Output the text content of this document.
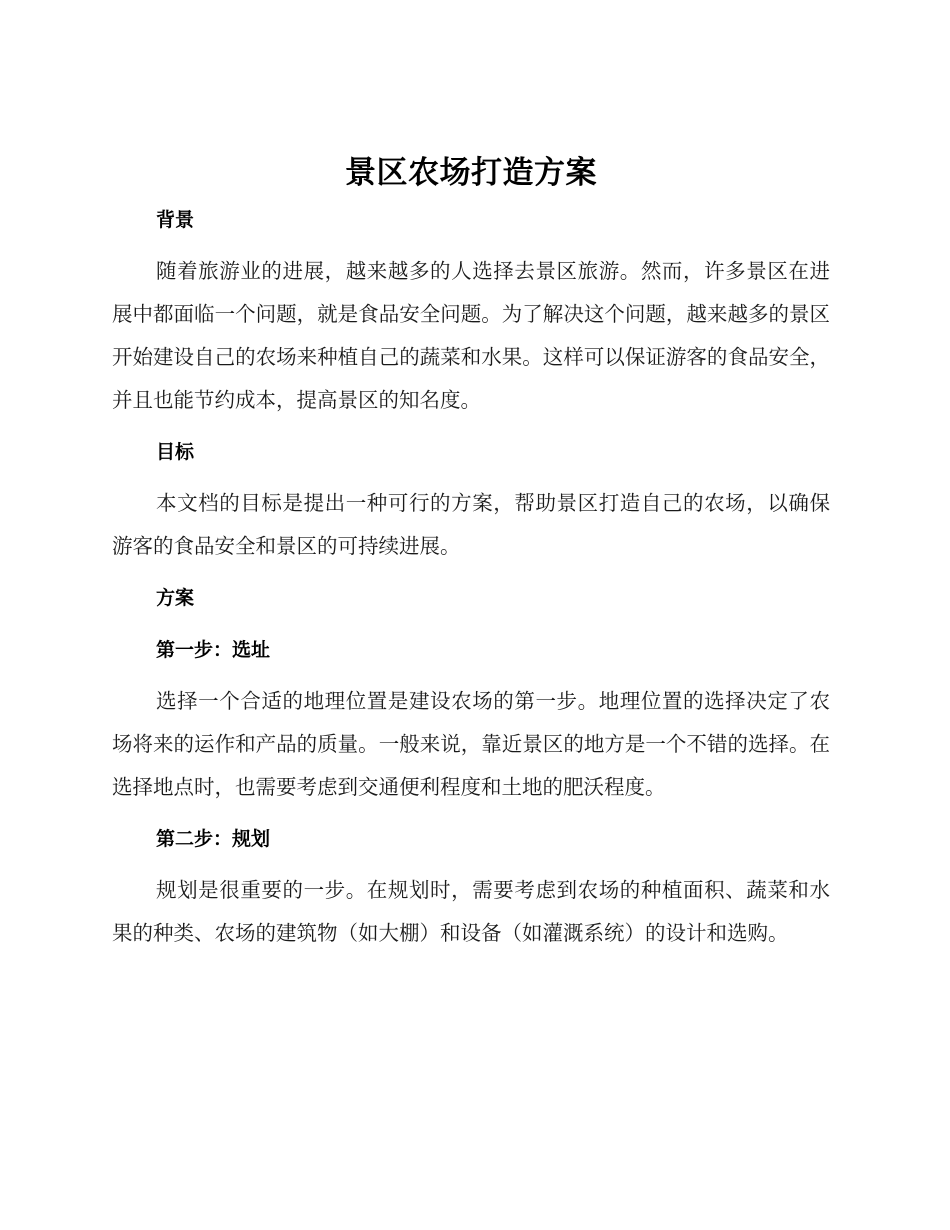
景区农场打造方案
背景

随着旅游业的进展，越来越多的人选择去景区旅游。然而，许多景区在进展中都面临一个问题，就是食品安全问题。为了解决这个问题，越来越多的景区开始建设自己的农场来种植自己的蔬菜和水果。这样可以保证游客的食品安全，并且也能节约成本，提高景区的知名度。

目标

本文档的目标是提出一种可行的方案，帮助景区打造自己的农场，以确保游客的食品安全和景区的可持续进展。

方案
第一步：选址

选择一个合适的地理位置是建设农场的第一步。地理位置的选择决定了农场将来的运作和产品的质量。一般来说，靠近景区的地方是一个不错的选择。在选择地点时，也需要考虑到交通便利程度和土地的肥沃程度。

第二步：规划

规划是很重要的一步。在规划时，需要考虑到农场的种植面积、蔬菜和水果的种类、农场的建筑物（如大棚）和设备（如灌溉系统）的设计和选购。
